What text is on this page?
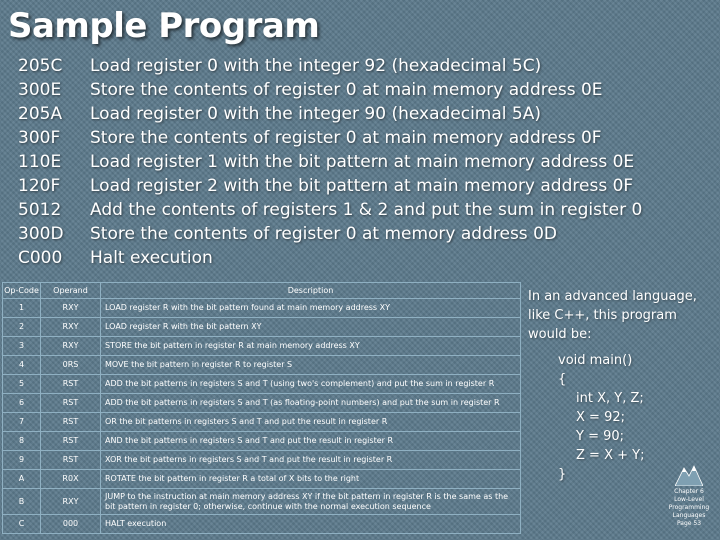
Sample Program
205C	Load register 0 with the integer 92 (hexadecimal 5C)
300E	Store the contents of register 0 at main memory address 0E
205A	Load register 0 with the integer 90 (hexadecimal 5A)
300F	Store the contents of register 0 at main memory address 0F
110E	Load register 1 with the bit pattern at main memory address 0E
120F	Load register 2 with the bit pattern at main memory address 0F
5012	Add the contents of registers 1 & 2 and put the sum in register 0
300D	Store the contents of register 0 at memory address 0D
C000	Halt execution
Op-Code	Operand	Description
1	RXY	LOAD register R with the bit pattern found at main memory address XY
2	RXY	LOAD register R with the bit pattern XY
3	RXY	STORE the bit pattern in register R at main memory address XY
4	0RS	MOVE the bit pattern in register R to register S
5	RST	ADD the bit patterns in registers S and T (using two's complement) and put the sum in register R
6	RST	ADD the bit patterns in registers S and T (as floating-point numbers) and put the sum in register R
7	RST	OR the bit patterns in registers S and T and put the result in register R
8	RST	AND the bit patterns in registers S and T and put the result in register R
9	RST	XOR the bit patterns in registers S and T and put the result in register R
A	R0X	ROTATE the bit pattern in register R a total of X bits to the right
B	RXY	JUMP to the instruction at main memory address XY if the bit pattern in register R is the same as the bit pattern in register 0; otherwise, continue with the normal execution sequence
C	000	HALT execution
In an advanced language, like C++, this program would be:
void main()
{
int X, Y, Z;
X = 92;
Y = 90;
Z = X + Y;
}
Chapter 6
Low-Level
Programming
Languages
Page 53
